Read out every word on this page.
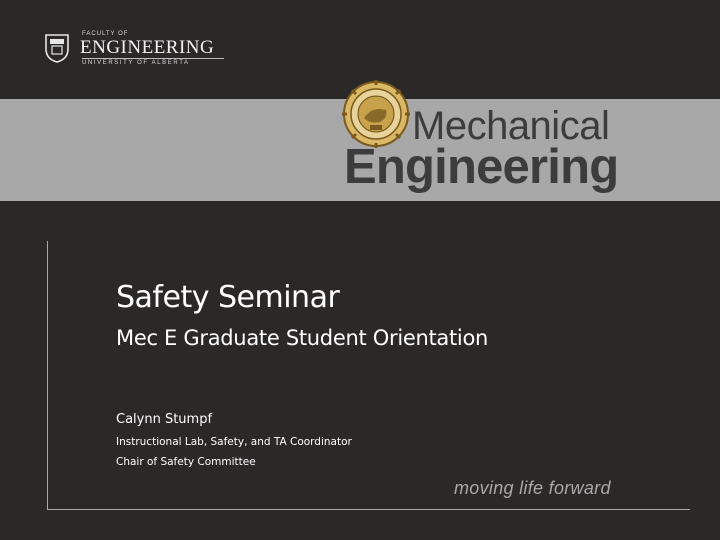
FACULTY OF
ENGINEERING
UNIVERSITY OF ALBERTA
Mechanical
Engineering
Safety Seminar
Mec E Graduate Student Orientation
Calynn Stumpf
Instructional Lab, Safety, and TA Coordinator
Chair of Safety Committee
moving life forward
